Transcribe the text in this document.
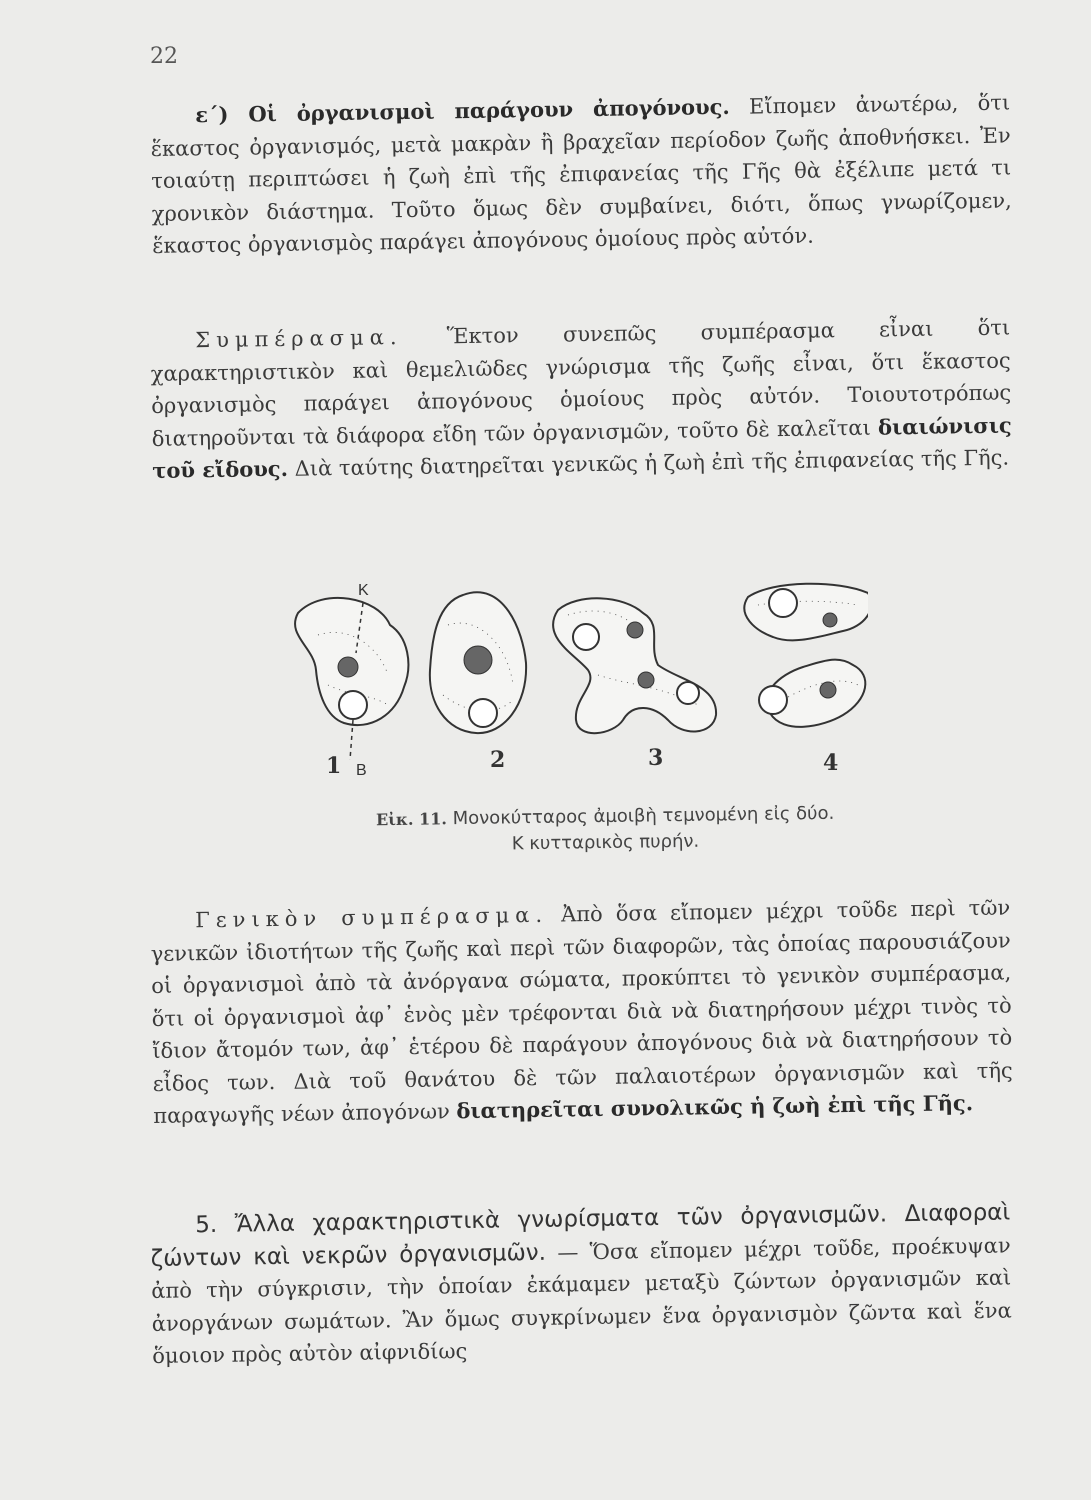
22

ε΄) Οἱ ὀργανισμοὶ παράγουν ἀπογόνους. Εἴπομεν ἀνωτέρω, ὅτι ἕκαστος ὀργανισμός, μετὰ μακρὰν ἢ βραχεῖαν περίοδον ζωῆς ἀποθνήσκει. Ἐν τοιαύτῃ περιπτώσει ἡ ζωὴ ἐπὶ τῆς ἐπιφανείας τῆς Γῆς θὰ ἐξέλιπε μετά τι χρονικὸν διάστημα. Τοῦτο ὅμως δὲν συμβαίνει, διότι, ὅπως γνωρίζομεν, ἕκαστος ὀργανισμὸς παράγει ἀπογόνους ὁμοίους πρὸς αὐτόν.

Συμπέρασμα. Ἕκτον συνεπῶς συμπέρασμα εἶναι ὅτι χαρακτηριστικὸν καὶ θεμελιῶδες γνώρισμα τῆς ζωῆς εἶναι, ὅτι ἕκαστος ὀργανισμὸς παράγει ἀπογόνους ὁμοίους πρὸς αὐτόν. Τοιουτοτρόπως διατηροῦνται τὰ διάφορα εἴδη τῶν ὀργανισμῶν, τοῦτο δὲ καλεῖται διαιώνισις τοῦ εἴδους. Διὰ ταύτης διατηρεῖται γενικῶς ἡ ζωὴ ἐπὶ τῆς ἐπιφανείας τῆς Γῆς.

Κ
Β
1	2	3	4
Εἰκ. 11. Μονοκύτταρος ἀμοιβὴ τεμνομένη εἰς δύο.
Κ κυτταρικὸς πυρήν.

Γενικὸν συμπέρασμα. Ἀπὸ ὅσα εἴπομεν μέχρι τοῦδε περὶ τῶν γενικῶν ἰδιοτήτων τῆς ζωῆς καὶ περὶ τῶν διαφορῶν, τὰς ὁποίας παρουσιάζουν οἱ ὀργανισμοὶ ἀπὸ τὰ ἀνόργανα σώματα, προκύπτει τὸ γενικὸν συμπέρασμα, ὅτι οἱ ὀργανισμοὶ ἀφ᾽ ἑνὸς μὲν τρέφονται διὰ νὰ διατηρήσουν μέχρι τινὸς τὸ ἴδιον ἄτομόν των, ἀφ᾽ ἑτέρου δὲ παράγουν ἀπογόνους διὰ νὰ διατηρήσουν τὸ εἶδος των. Διὰ τοῦ θανάτου δὲ τῶν παλαιοτέρων ὀργανισμῶν καὶ τῆς παραγωγῆς νέων ἀπογόνων διατηρεῖται συνολικῶς ἡ ζωὴ ἐπὶ τῆς Γῆς.

5. Ἄλλα χαρακτηριστικὰ γνωρίσματα τῶν ὀργανισμῶν. Διαφοραὶ ζώντων καὶ νεκρῶν ὀργανισμῶν. — Ὅσα εἴπομεν μέχρι τοῦδε, προέκυψαν ἀπὸ τὴν σύγκρισιν, τὴν ὁποίαν ἐκάμαμεν μεταξὺ ζώντων ὀργανισμῶν καὶ ἀνοργάνων σωμάτων. Ἂν ὅμως συγκρίνωμεν ἕνα ὀργανισμὸν ζῶντα καὶ ἕνα ὅμοιον πρὸς αὐτὸν αἰφνιδίως
